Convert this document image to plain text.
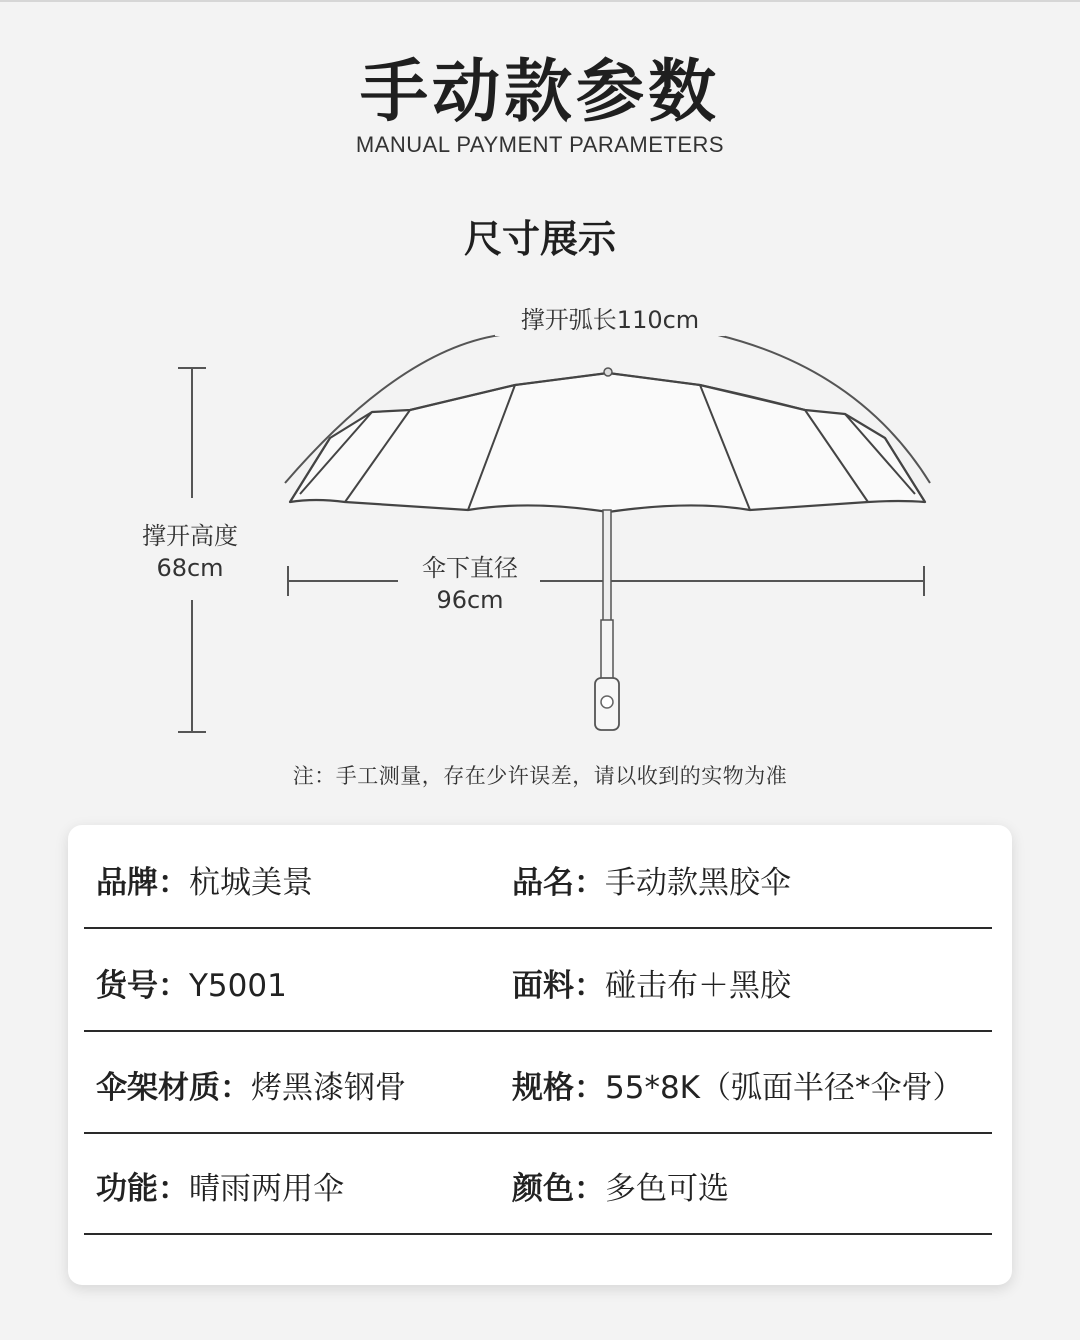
手动款参数
MANUAL PAYMENT PARAMETERS
尺寸展示
撑开弧长110cm
撑开高度
68cm	伞下直径
96cm
注：手工测量，存在少许误差，请以收到的实物为准
品牌：杭城美景	品名：手动款黑胶伞
货号：Y5001	面料：碰击布＋黑胶
伞架材质：烤黑漆钢骨	规格：55*8K（弧面半径*伞骨）
功能：晴雨两用伞	颜色：多色可选
